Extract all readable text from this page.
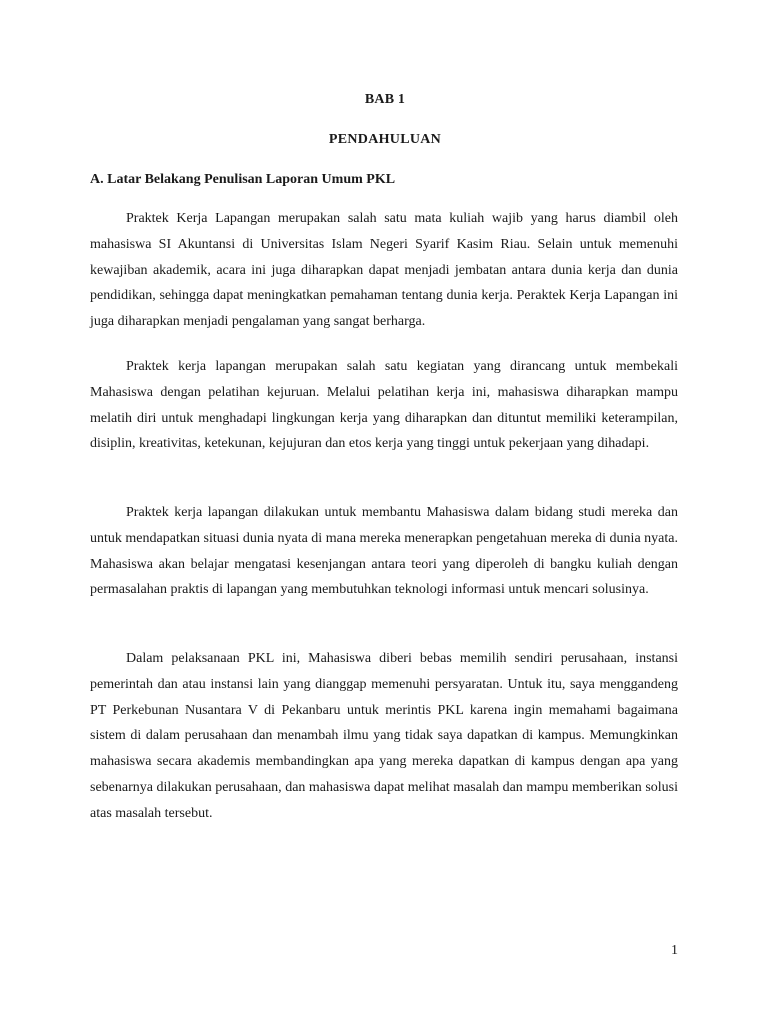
BAB 1
PENDAHULUAN
A. Latar Belakang Penulisan Laporan Umum PKL

Praktek Kerja Lapangan merupakan salah satu mata kuliah wajib yang harus diambil oleh mahasiswa SI Akuntansi di Universitas Islam Negeri Syarif Kasim Riau. Selain untuk memenuhi kewajiban akademik, acara ini juga diharapkan dapat menjadi jembatan antara dunia kerja dan dunia pendidikan, sehingga dapat meningkatkan pemahaman tentang dunia kerja. Peraktek Kerja Lapangan ini juga diharapkan menjadi pengalaman yang sangat berharga.

Praktek kerja lapangan merupakan salah satu kegiatan yang dirancang untuk membekali Mahasiswa dengan pelatihan kejuruan. Melalui pelatihan kerja ini, mahasiswa diharapkan mampu melatih diri untuk menghadapi lingkungan kerja yang diharapkan dan dituntut memiliki keterampilan, disiplin, kreativitas, ketekunan, kejujuran dan etos kerja yang tinggi untuk pekerjaan yang dihadapi.

Praktek kerja lapangan dilakukan untuk membantu Mahasiswa dalam bidang studi mereka dan untuk mendapatkan situasi dunia nyata di mana mereka menerapkan pengetahuan mereka di dunia nyata. Mahasiswa akan belajar mengatasi kesenjangan antara teori yang diperoleh di bangku kuliah dengan permasalahan praktis di lapangan yang membutuhkan teknologi informasi untuk mencari solusinya.

Dalam pelaksanaan PKL ini, Mahasiswa diberi bebas memilih sendiri perusahaan, instansi pemerintah dan atau instansi lain yang dianggap memenuhi persyaratan. Untuk itu, saya menggandeng PT Perkebunan Nusantara V di Pekanbaru untuk merintis PKL karena ingin memahami bagaimana sistem di dalam perusahaan dan menambah ilmu yang tidak saya dapatkan di kampus. Memungkinkan mahasiswa secara akademis membandingkan apa yang mereka dapatkan di kampus dengan apa yang sebenarnya dilakukan perusahaan, dan mahasiswa dapat melihat masalah dan mampu memberikan solusi atas masalah tersebut.

1
